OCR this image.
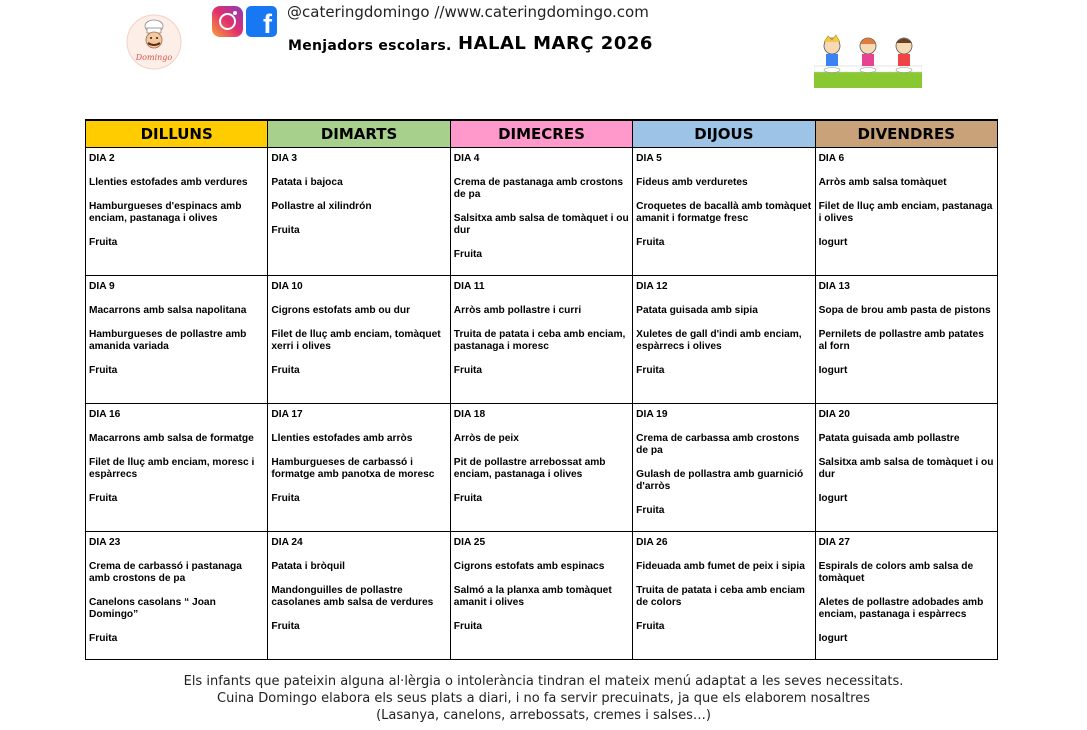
Domingo
f	@cateringdomingo //www.cateringdomingo.com
Menjadors escolars. HALAL MARÇ 2026
DILLUNS	DIMARTS	DIMECRES	DIJOUS	DIVENDRES

DIA 2
Llenties estofades amb verdures
Hamburgueses d'espinacs amb enciam, pastanaga i olives
Fruita	DIA 3
Patata i bajoca
Pollastre al xilindrón
Fruita	DIA 4
Crema de pastanaga amb crostons de pa
Salsitxa amb salsa de tomàquet i ou dur
Fruita	DIA 5
Fideus amb verduretes
Croquetes de bacallà amb tomàquet amanit i formatge fresc
Fruita	DIA 6
Arròs amb salsa tomàquet
Filet de lluç amb enciam, pastanaga i olives
Iogurt

DIA 9
Macarrons amb salsa napolitana
Hamburgueses de pollastre amb amanida variada
Fruita	DIA 10
Cigrons estofats amb ou dur
Filet de lluç amb enciam, tomàquet xerri i olives
Fruita	DIA 11
Arròs amb pollastre i curri
Truita de patata i ceba amb enciam, pastanaga i moresc
Fruita	DIA 12
Patata guisada amb sipia
Xuletes de gall d'indi amb enciam, espàrrecs i olives
Fruita	DIA 13
Sopa de brou amb pasta de pistons
Pernilets de pollastre amb patates al forn
Iogurt

DIA 16
Macarrons amb salsa de formatge
Filet de lluç amb enciam, moresc i espàrrecs
Fruita	DIA 17
Llenties estofades amb arròs
Hamburgueses de carbassó i formatge amb panotxa de moresc
Fruita	DIA 18
Arròs de peix
Pit de pollastre arrebossat amb enciam, pastanaga i olives
Fruita	DIA 19
Crema de carbassa amb crostons de pa
Gulash de pollastra amb guarnició d'arròs
Fruita	DIA 20
Patata guisada amb pollastre
Salsitxa amb salsa de tomàquet i ou dur
Iogurt

DIA 23
Crema de carbassó i pastanaga amb crostons de pa
Canelons casolans “ Joan Domingo”
Fruita	DIA 24
Patata i bròquil
Mandonguilles de pollastre casolanes amb salsa de verdures
Fruita	DIA 25
Cigrons estofats amb espinacs
Salmó a la planxa amb tomàquet amanit i olives
Fruita	DIA 26
Fideuada amb fumet de peix i sipia
Truita de patata i ceba amb enciam de colors
Fruita	DIA 27
Espirals de colors amb salsa de tomàquet
Aletes de pollastre adobades amb enciam, pastanaga i espàrrecs
Iogurt
Els infants que pateixin alguna al·lèrgia o intolerància tindran el mateix menú adaptat a les seves necessitats.
Cuina Domingo elabora els seus plats a diari, i no fa servir precuinats, ja que els elaborem nosaltres
(Lasanya, canelons, arrebossats, cremes i salses…)
